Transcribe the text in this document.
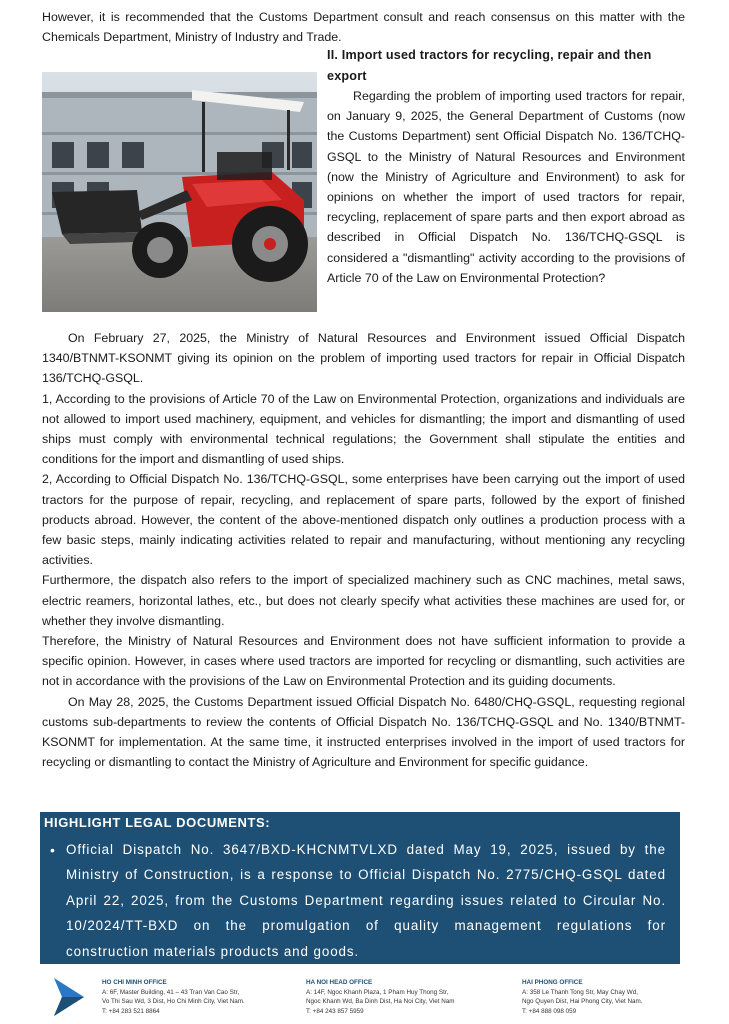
However, it is recommended that the Customs Department consult and reach consensus on this matter with the Chemicals Department, Ministry of Industry and Trade.

II. Import used tractors for recycling, repair and then export

Regarding the problem of importing used tractors for repair, on January 9, 2025, the General Department of Customs (now the Customs Department) sent Official Dispatch No. 136/TCHQ-GSQL to the Ministry of Natural Resources and Environment (now the Ministry of Agriculture and Environment) to ask for opinions on whether the import of used tractors for repair, recycling, replacement of spare parts and then export abroad as described in Official Dispatch No. 136/TCHQ-GSQL is considered a "dismantling" activity according to the provisions of Article 70 of the Law on Environmental Protection?

On February 27, 2025, the Ministry of Natural Resources and Environment issued Official Dispatch 1340/BTNMT-KSONMT giving its opinion on the problem of importing used tractors for repair in Official Dispatch 136/TCHQ-GSQL.

1, According to the provisions of Article 70 of the Law on Environmental Protection, organizations and individuals are not allowed to import used machinery, equipment, and vehicles for dismantling; the import and dismantling of used ships must comply with environmental technical regulations; the Government shall stipulate the entities and conditions for the import and dismantling of used ships.

2, According to Official Dispatch No. 136/TCHQ-GSQL, some enterprises have been carrying out the import of used tractors for the purpose of repair, recycling, and replacement of spare parts, followed by the export of finished products abroad. However, the content of the above-mentioned dispatch only outlines a production process with a few basic steps, mainly indicating activities related to repair and manufacturing, without mentioning any recycling activities.

Furthermore, the dispatch also refers to the import of specialized machinery such as CNC machines, metal saws, electric reamers, horizontal lathes, etc., but does not clearly specify what activities these machines are used for, or whether they involve dismantling.

Therefore, the Ministry of Natural Resources and Environment does not have sufficient information to provide a specific opinion. However, in cases where used tractors are imported for recycling or dismantling, such activities are not in accordance with the provisions of the Law on Environmental Protection and its guiding documents.

On May 28, 2025, the Customs Department issued Official Dispatch No. 6480/CHQ-GSQL, requesting regional customs sub-departments to review the contents of Official Dispatch No. 136/TCHQ-GSQL and No. 1340/BTNMT-KSONMT for implementation. At the same time, it instructed enterprises involved in the import of used tractors for recycling or dismantling to contact the Ministry of Agriculture and Environment for specific guidance.

HIGHLIGHT LEGAL DOCUMENTS:
• Official Dispatch No. 3647/BXD-KHCNMTVLXD dated May 19, 2025, issued by the Ministry of Construction, is a response to Official Dispatch No. 2775/CHQ-GSQL dated April 22, 2025, from the Customs Department regarding issues related to Circular No. 10/2024/TT-BXD on the promulgation of quality management regulations for construction materials products and goods.

HO CHI MINH OFFICE
A: 6F, Master Building, 41 – 43 Tran Van Cao Str,
Vo Thi Sau Wd, 3 Dist, Ho Chi Minh City, Viet Nam.
T: +84 283 521 8864
HA NOI HEAD OFFICE
A: 14F, Ngoc Khanh Plaza, 1 Pham Huy Thong Str,
Ngoc Khanh Wd, Ba Dinh Dist, Ha Noi City, Viet Nam
T: +84 243 857 5959
HAI PHONG OFFICE
A: 358 Le Thanh Tong Str, May Chay Wd,
Ngo Quyen Dist, Hai Phong City, Viet Nam.
T: +84 888 098 059
